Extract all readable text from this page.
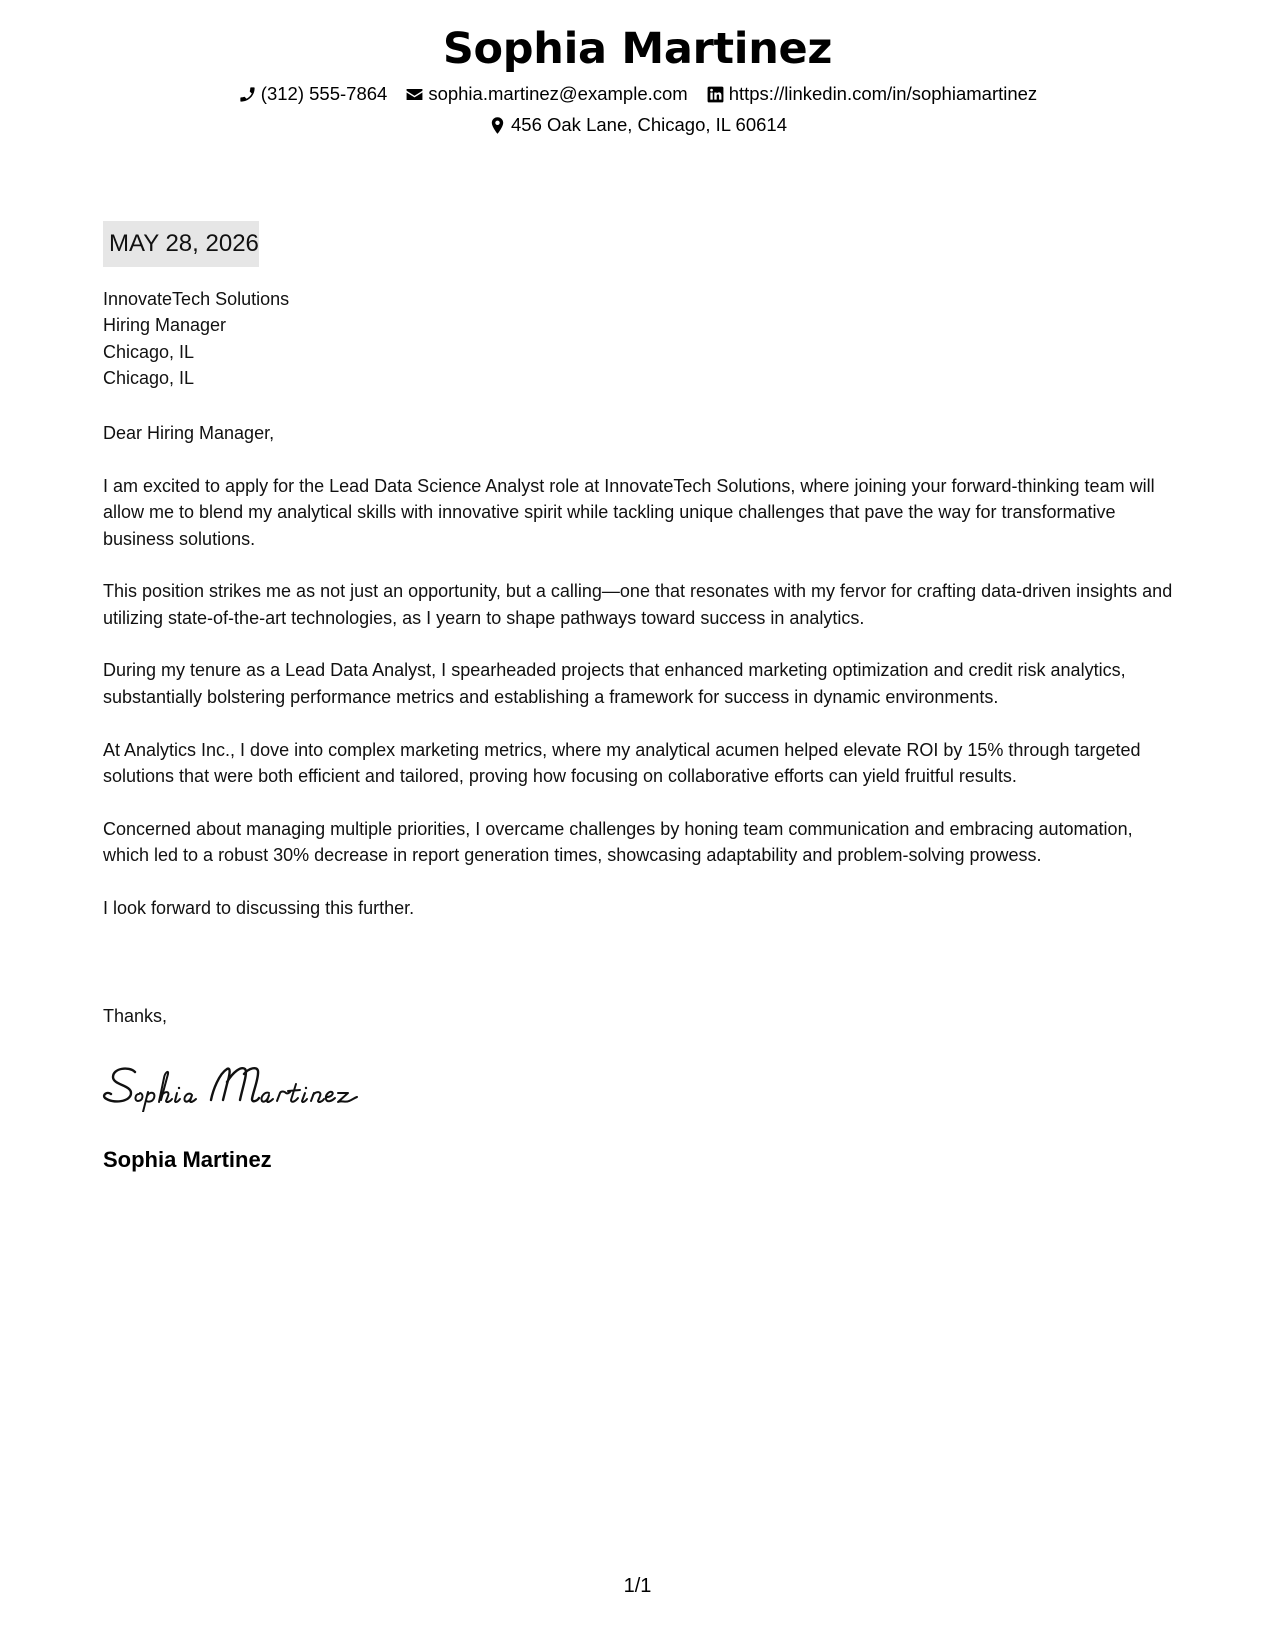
Sophia Martinez
(312) 555-7864 sophia.martinez@example.com https://linkedin.com/in/sophiamartinez
456 Oak Lane, Chicago, IL 60614
MAY 28, 2026
InnovateTech Solutions
Hiring Manager
Chicago, IL
Chicago, IL
Dear Hiring Manager,

I am excited to apply for the Lead Data Science Analyst role at InnovateTech Solutions, where joining your forward-thinking team will allow me to blend my analytical skills with innovative spirit while tackling unique challenges that pave the way for transformative business solutions.

This position strikes me as not just an opportunity, but a calling—one that resonates with my fervor for crafting data-driven insights and utilizing state-of-the-art technologies, as I yearn to shape pathways toward success in analytics.

During my tenure as a Lead Data Analyst, I spearheaded projects that enhanced marketing optimization and credit risk analytics, substantially bolstering performance metrics and establishing a framework for success in dynamic environments.

At Analytics Inc., I dove into complex marketing metrics, where my analytical acumen helped elevate ROI by 15% through targeted solutions that were both efficient and tailored, proving how focusing on collaborative efforts can yield fruitful results.

Concerned about managing multiple priorities, I overcame challenges by honing team communication and embracing automation, which led to a robust 30% decrease in report generation times, showcasing adaptability and problem-solving prowess.

I look forward to discussing this further.

Thanks,
Sophia Martinez
1/1
